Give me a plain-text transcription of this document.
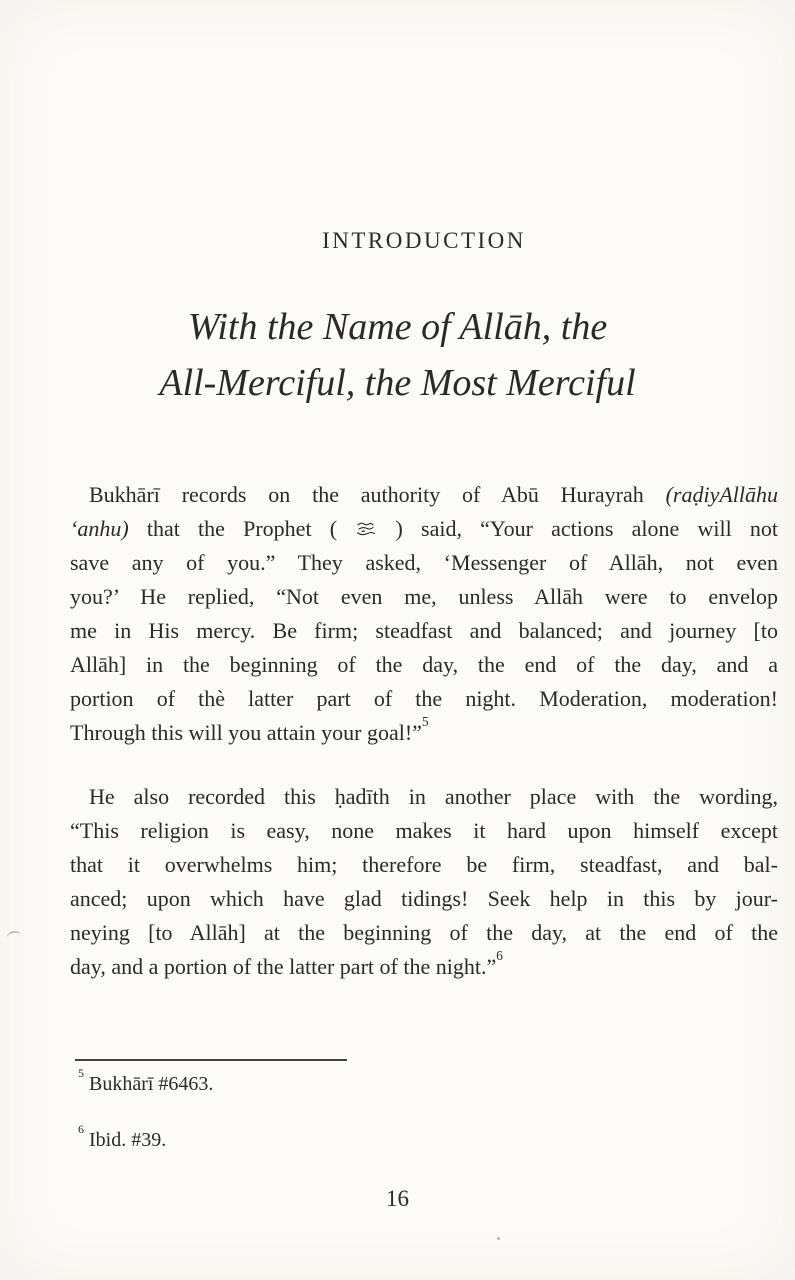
INTRODUCTION
With the Name of Allāh, the
All-Merciful, the Most Merciful
Bukhārī records on the authority of Abū Hurayrah (raḍiyAllāhu
‘anhu) that the Prophet (	) said, “Your actions alone will not
save any of you.” They asked, ‘Messenger of Allāh, not even
you?’ He replied, “Not even me, unless Allāh were to envelop
me in His mercy. Be firm; steadfast and balanced; and journey [to
Allāh] in the beginning of the day, the end of the day, and a
portion of thè latter part of the night. Moderation, moderation!
Through this will you attain your goal!”$^5$
He also recorded this ḥadīth in another place with the wording,
“This religion is easy, none makes it hard upon himself except
that it overwhelms him; therefore be firm, steadfast, and bal-
anced; upon which have glad tidings! Seek help in this by jour-
neying [to Allāh] at the beginning of the day, at the end of the
day, and a portion of the latter part of the night.”$^6$
$^5$Bukhārī #6463.
$^6$Ibid. #39.
16
